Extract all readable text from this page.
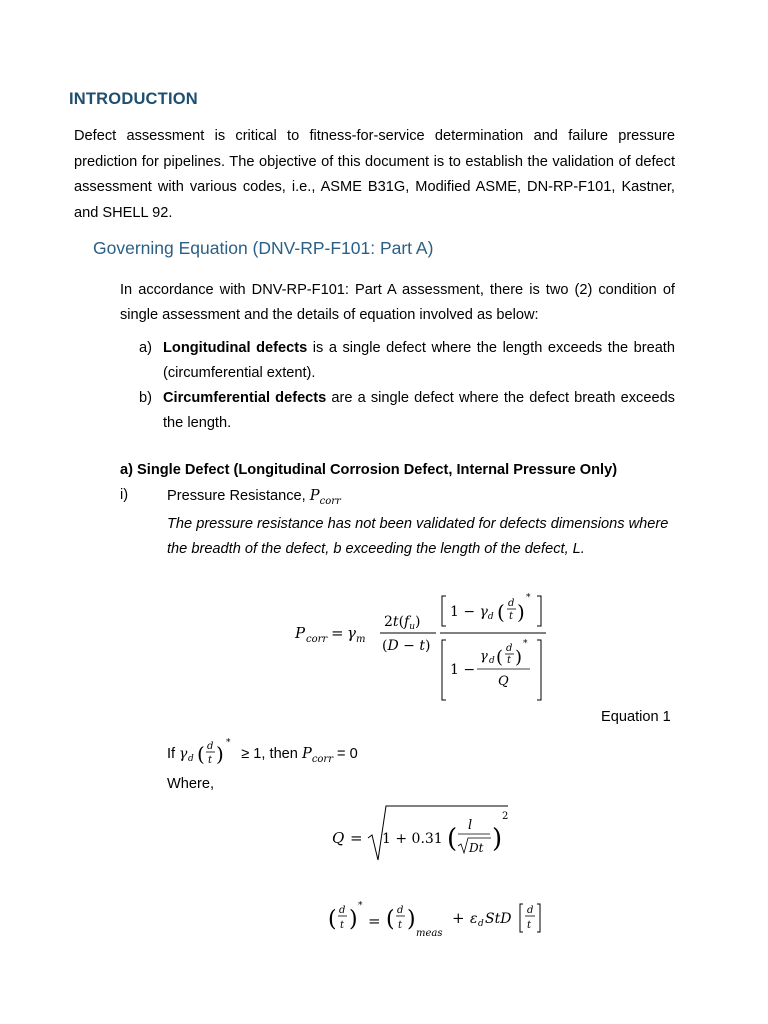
INTRODUCTION
Defect assessment is critical to fitness-for-service determination and failure pressure prediction for pipelines. The objective of this document is to establish the validation of defect assessment with various codes, i.e., ASME B31G, Modified ASME, DN-RP-F101, Kastner, and SHELL 92.
Governing Equation (DNV-RP-F101: Part A)
In accordance with DNV-RP-F101: Part A assessment, there is two (2) condition of single assessment and the details of equation involved as below:
a) Longitudinal defects is a single defect where the length exceeds the breath (circumferential extent).
b) Circumferential defects are a single defect where the defect breath exceeds the length.
a) Single Defect (Longitudinal Corrosion Defect, Internal Pressure Only)
i)	Pressure Resistance, $P_{corr}$
The pressure resistance has not been validated for defects dimensions where the breadth of the defect, b exceeding the length of the defect, L.
P corr = γ m
$2t(f_u)$
(D − t)
$1 - \gamma_d$ ( d
t )
*
1 −
γ d ( d
t )
*
Q
Equation 1
If γ d ( d
t ) *
≥ 1, then $P_{corr} = 0$
Where,
Q = 1 + 0.31 ( l
Dt )
2
( d
t )
*
= ( d
t )
meas
+ ε d StD
d
t
